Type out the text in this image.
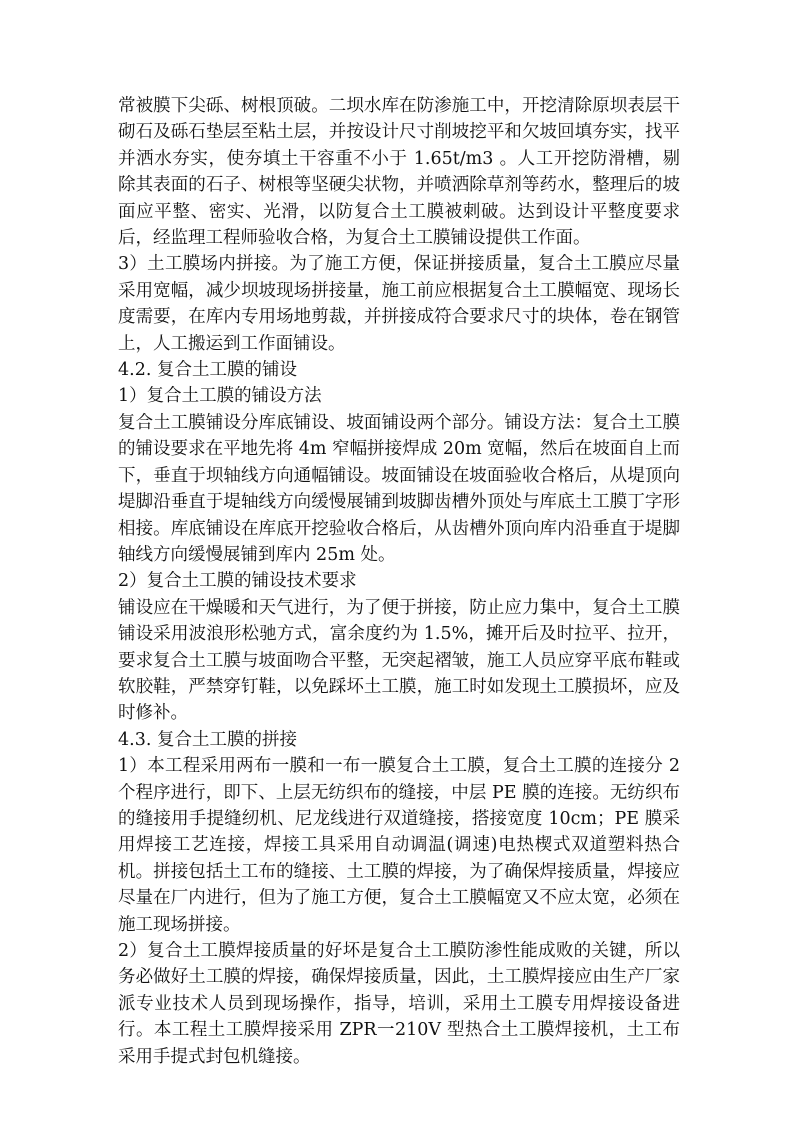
常被膜下尖砾、树根顶破。二坝水库在防渗施工中，开挖清除原坝表层干砌石及砾石垫层至粘土层，并按设计尺寸削坡挖平和欠坡回填夯实，找平并洒水夯实，使夯填土干容重不小于 1.65t/m3 。人工开挖防滑槽，剔除其表面的石子、树根等坚硬尖状物，并喷洒除草剂等药水，整理后的坡面应平整、密实、光滑，以防复合土工膜被刺破。达到设计平整度要求后，经监理工程师验收合格，为复合土工膜铺设提供工作面。

3）土工膜场内拼接。为了施工方便，保证拼接质量，复合土工膜应尽量采用宽幅，减少坝坡现场拼接量，施工前应根据复合土工膜幅宽、现场长度需要，在库内专用场地剪裁，并拼接成符合要求尺寸的块体，卷在钢管上，人工搬运到工作面铺设。

4.2. 复合土工膜的铺设

1）复合土工膜的铺设方法

复合土工膜铺设分库底铺设、坡面铺设两个部分。铺设方法：复合土工膜的铺设要求在平地先将 4m 窄幅拼接焊成 20m 宽幅，然后在坡面自上而下，垂直于坝轴线方向通幅铺设。坡面铺设在坡面验收合格后，从堤顶向堤脚沿垂直于堤轴线方向缓慢展铺到坡脚齿槽外顶处与库底土工膜丁字形相接。库底铺设在库底开挖验收合格后，从齿槽外顶向库内沿垂直于堤脚轴线方向缓慢展铺到库内 25m 处。

2）复合土工膜的铺设技术要求

铺设应在干燥暖和天气进行，为了便于拼接，防止应力集中，复合土工膜铺设采用波浪形松驰方式，富余度约为 1.5%，摊开后及时拉平、拉开，要求复合土工膜与坡面吻合平整，无突起褶皱，施工人员应穿平底布鞋或软胶鞋，严禁穿钉鞋，以免踩坏土工膜，施工时如发现土工膜损坏，应及时修补。

4.3. 复合土工膜的拼接

1）本工程采用两布一膜和一布一膜复合土工膜，复合土工膜的连接分 2 个程序进行，即下、上层无纺织布的缝接，中层 PE 膜的连接。无纺织布的缝接用手提缝纫机、尼龙线进行双道缝接，搭接宽度 10cm；PE 膜采用焊接工艺连接，焊接工具采用自动调温(调速)电热楔式双道塑料热合机。拼接包括土工布的缝接、土工膜的焊接，为了确保焊接质量，焊接应尽量在厂内进行，但为了施工方便，复合土工膜幅宽又不应太宽，必须在施工现场拼接。

2）复合土工膜焊接质量的好坏是复合土工膜防渗性能成败的关键，所以务必做好土工膜的焊接，确保焊接质量，因此，土工膜焊接应由生产厂家派专业技术人员到现场操作，指导，培训，采用土工膜专用焊接设备进行。本工程土工膜焊接采用 ZPR一210V 型热合土工膜焊接机，土工布采用手提式封包机缝接。
